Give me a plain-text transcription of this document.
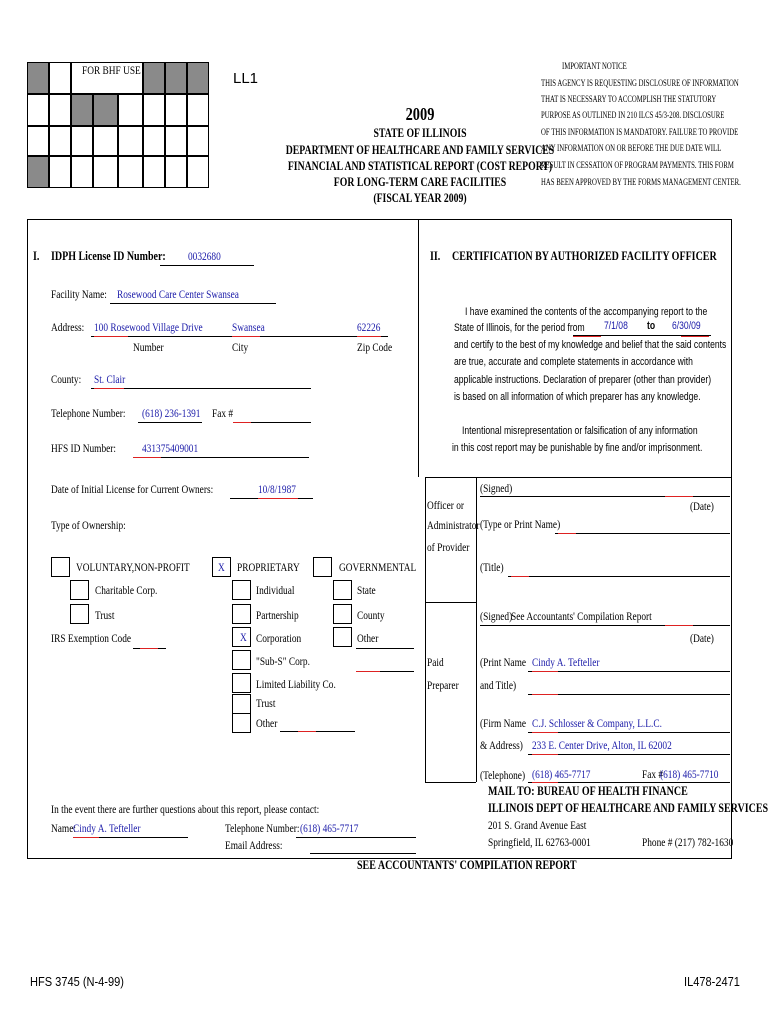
FOR BHF USE	LL1
2009
STATE OF ILLINOIS
DEPARTMENT OF HEALTHCARE AND FAMILY SERVICES
FINANCIAL AND STATISTICAL REPORT (COST REPORT)
FOR LONG-TERM CARE FACILITIES
(FISCAL YEAR 2009)
IMPORTANT NOTICE
THIS AGENCY IS REQUESTING DISCLOSURE OF INFORMATION
THAT IS NECESSARY TO ACCOMPLISH THE STATUTORY
PURPOSE AS OUTLINED IN 210 ILCS 45/3-208. DISCLOSURE
OF THIS INFORMATION IS MANDATORY. FAILURE TO PROVIDE
ANY INFORMATION ON OR BEFORE THE DUE DATE WILL
RESULT IN CESSATION OF PROGRAM PAYMENTS. THIS FORM
HAS BEEN APPROVED BY THE FORMS MANAGEMENT CENTER.
I. IDPH License ID Number: 0032680
Facility Name: Rosewood Care Center Swansea
Address: 100 Rosewood Village Drive Swansea	62226
Number	City	Zip Code
County: St. Clair
Telephone Number: (618) 236-1391 Fax #
HFS ID Number: 431375409001
Date of Initial License for Current Owners:	10/8/1987
Type of Ownership:
VOLUNTARY,NON-PROFIT
Charitable Corp.
Trust
IRS Exemption Code
X PROPRIETARY
Individual
Partnership
X Corporation
"Sub-S" Corp.
Limited Liability Co.
Trust
Other
GOVERNMENTAL
State
County
Other
In the event there are further questions about this report, please contact:
Name:
Cindy A. Tefteller	Telephone Number: (618) 465-7717
Email Address:
II. CERTIFICATION BY AUTHORIZED FACILITY OFFICER
I have examined the contents of the accompanying report to the
State of Illinois, for the period from 7/1/08 to 6/30/09
and certify to the best of my knowledge and belief that the said contents
are true, accurate and complete statements in accordance with
applicable instructions. Declaration of preparer (other than provider)
is based on all information of which preparer has any knowledge.
Intentional misrepresentation or falsification of any information
in this cost report may be punishable by fine and/or imprisonment.
Officer or
Administrator
of Provider
(Signed)
(Date)
(Type or Print Name)
(Title)
(Signed)
See Accountants' Compilation Report
(Date)
Paid
Preparer
(Print Name Cindy A. Tefteller
and Title)
(Firm Name C.J. Schlosser & Company, L.L.C.
& Address) 233 E. Center Drive, Alton, IL 62002
(Telephone) (618) 465-7717	Fax #
(618) 465-7710
MAIL TO: BUREAU OF HEALTH FINANCE
ILLINOIS DEPT OF HEALTHCARE AND FAMILY SERVICES
201 S. Grand Avenue East
Springfield, IL 62763-0001	Phone # (217) 782-1630
SEE ACCOUNTANTS' COMPILATION REPORT
HFS 3745 (N-4-99)	IL478-2471
